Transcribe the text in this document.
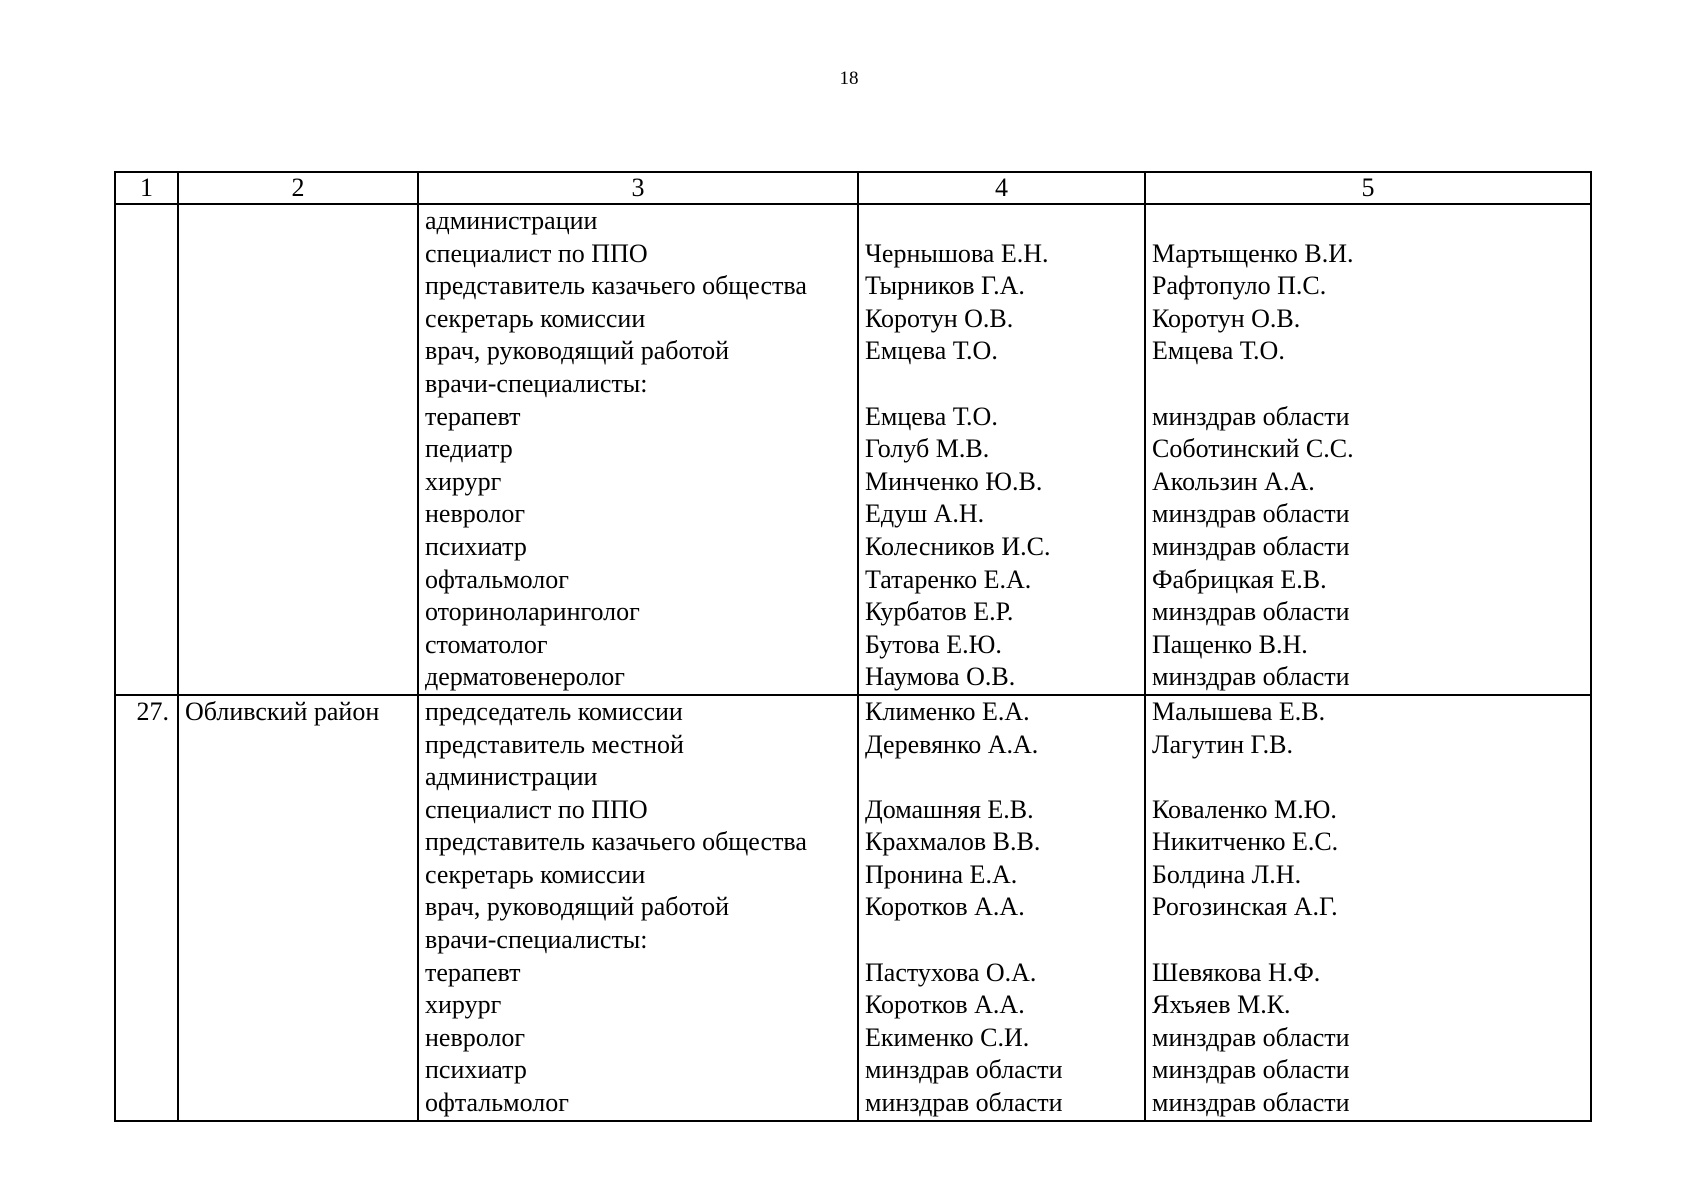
18
1	2	3	4	5
		администрации		
		специалист по ППО	Чернышова Е.Н.	Мартыщенко В.И.
		представитель казачьего общества	Тырников Г.А.	Рафтопуло П.С.
		секретарь комиссии	Коротун О.В.	Коротун О.В.
		врач, руководящий работой	Емцева Т.О.	Емцева Т.О.
		врачи-специалисты:		
		терапевт	Емцева Т.О.	минздрав области
		педиатр	Голуб М.В.	Соботинский С.С.
		хирург	Минченко Ю.В.	Акользин А.А.
		невролог	Едуш А.Н.	минздрав области
		психиатр	Колесников И.С.	минздрав области
		офтальмолог	Татаренко Е.А.	Фабрицкая Е.В.
		оториноларинголог	Курбатов Е.Р.	минздрав области
		стоматолог	Бутова Е.Ю.	Пащенко В.Н.
		дерматовенеролог	Наумова О.В.	минздрав области
27.	Обливский район	председатель комиссии	Клименко Е.А.	Малышева Е.В.
		представитель местной	Деревянко А.А.	Лагутин Г.В.
		администрации		
		специалист по ППО	Домашняя Е.В.	Коваленко М.Ю.
		представитель казачьего общества	Крахмалов В.В.	Никитченко Е.С.
		секретарь комиссии	Пронина Е.А.	Болдина Л.Н.
		врач, руководящий работой	Коротков А.А.	Рогозинская А.Г.
		врачи-специалисты:		
		терапевт	Пастухова О.А.	Шевякова Н.Ф.
		хирург	Коротков А.А.	Яхъяев М.К.
		невролог	Екименко С.И.	минздрав области
		психиатр	минздрав области	минздрав области
		офтальмолог	минздрав области	минздрав области
